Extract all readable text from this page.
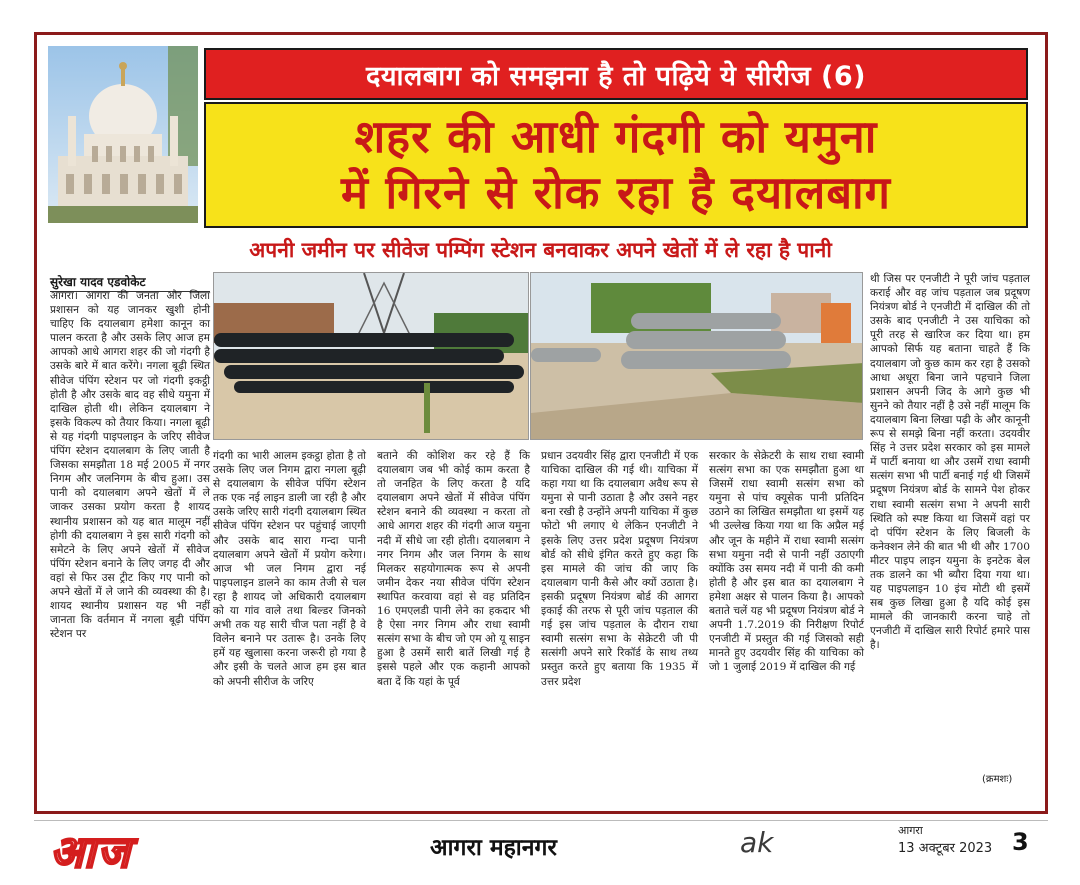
दयालबाग को समझना है तो पढ़िये ये सीरीज (6)
शहर की आधी गंदगी को यमुना
में गिरने से रोक रहा है दयालबाग
अपनी जमीन पर सीवेज पम्पिंग स्टेशन बनवाकर अपने खेतों में ले रहा है पानी
सुरेखा यादव एडवोकेट
आगरा। आगरा की जनता और जिला प्रशासन को यह जानकर खुशी होनी चाहिए कि दयालबाग हमेशा कानून का पालन करता है और उसके लिए आज हम आपको आधे आगरा शहर की जो गंदगी है उसके बारे में बात करेंगे। नगला बूढ़ी स्थित सीवेज पंपिंग स्टेशन पर जो गंदगी इकट्ठी होती है और उसके बाद वह सीधे यमुना में दाखिल होती थी। लेकिन दयालबाग ने इसके विकल्प को तैयार किया। नगला बूढ़ी से यह गंदगी पाइपलाइन के जरिए सीवेज पंपिंग स्टेशन दयालबाग के लिए जाती है जिसका समझौता 18 मई 2005 में नगर निगम और जलनिगम के बीच हुआ। उस पानी को दयालबाग अपने खेतों में ले जाकर उसका प्रयोग करता है शायद स्थानीय प्रशासन को यह बात मालूम नहीं होगी की दयालबाग ने इस सारी गंदगी को समेटने के लिए अपने खेतों में सीवेज पंपिंग स्टेशन बनाने के लिए जगह दी और वहां से फिर उस ट्रीट किए गए पानी को अपने खेतों में ले जाने की व्यवस्था की है। शायद स्थानीय प्रशासन यह भी नहीं जानता कि वर्तमान में नगला बूढ़ी पंपिंग स्टेशन पर
गंदगी का भारी आलम इकट्ठा होता है तो उसके लिए जल निगम द्वारा नगला बूढ़ी से दयालबाग के सीवेज पंपिंग स्टेशन तक एक नई लाइन डाली जा रही है और उसके जरिए सारी गंदगी दयालबाग स्थित सीवेज पंपिंग स्टेशन पर पहुंचाई जाएगी और उसके बाद सारा गन्दा पानी दयालबाग अपने खेतों में प्रयोग करेगा। आज भी जल निगम द्वारा नई पाइपलाइन डालने का काम तेजी से चल रहा है शायद जो अधिकारी दयालबाग को या गांव वाले तथा बिल्डर जिनको अभी तक यह सारी चीज पता नहीं है वे विलेन बनाने पर उतारू है। उनके लिए हमें यह खुलासा करना जरूरी हो गया है और इसी के चलते आज हम इस बात को अपनी सीरीज के जरिए
बताने की कोशिश कर रहे हैं कि दयालबाग जब भी कोई काम करता है तो जनहित के लिए करता है यदि दयालबाग अपने खेतों में सीवेज पंपिंग स्टेशन बनाने की व्यवस्था न करता तो आधे आगरा शहर की गंदगी आज यमुना नदी में सीधे जा रही होती। दयालबाग ने नगर निगम और जल निगम के साथ मिलकर सहयोगात्मक रूप से अपनी जमीन देकर नया सीवेज पंपिंग स्टेशन स्थापित करवाया वहां से वह प्रतिदिन 16 एमएलडी पानी लेने का हकदार भी है ऐसा नगर निगम और राधा स्वामी सत्संग सभा के बीच जो एम ओ यू साइन हुआ है उसमें सारी बातें लिखी गई है इससे पहले और एक कहानी आपको बता दें कि यहां के पूर्व
प्रधान उदयवीर सिंह द्वारा एनजीटी में एक याचिका दाखिल की गई थी। याचिका में कहा गया था कि दयालबाग अवैध रूप से यमुना से पानी उठाता है और उसने नहर बना रखी है उन्होंने अपनी याचिका में कुछ फोटो भी लगाए थे लेकिन एनजीटी ने इसके लिए उत्तर प्रदेश प्रदूषण नियंत्रण बोर्ड को सीधे इंगित करते हुए कहा कि इस मामले की जांच की जाए कि दयालबाग पानी कैसे और क्यों उठाता है। इसकी प्रदूषण नियंत्रण बोर्ड की आगरा इकाई की तरफ से पूरी जांच पड़ताल की गई इस जांच पड़ताल के दौरान राधा स्वामी सत्संग सभा के सेक्रेटरी जी पी सत्संगी अपने सारे रिकॉर्ड के साथ तथ्य प्रस्तुत करते हुए बताया कि 1935 में उत्तर प्रदेश
सरकार के सेक्रेटरी के साथ राधा स्वामी सत्संग सभा का एक समझौता हुआ था जिसमें राधा स्वामी सत्संग सभा को यमुना से पांच क्यूसेक पानी प्रतिदिन उठाने का लिखित समझौता था इसमें यह भी उल्लेख किया गया था कि अप्रैल मई और जून के महीने में राधा स्वामी सत्संग सभा यमुना नदी से पानी नहीं उठाएगी क्योंकि उस समय नदी में पानी की कमी होती है और इस बात का दयालबाग ने हमेशा अक्षर से पालन किया है। आपको बताते चलें यह भी प्रदूषण नियंत्रण बोर्ड ने अपनी 1.7.2019 की निरीक्षण रिपोर्ट एनजीटी में प्रस्तुत की गई जिसको सही मानते हुए उदयवीर सिंह की याचिका को जो 1 जुलाई 2019 में दाखिल की गई
थी जिस पर एनजीटी ने पूरी जांच पड़ताल कराई और वह जांच पड़ताल जब प्रदूषण नियंत्रण बोर्ड ने एनजीटी में दाखिल की तो उसके बाद एनजीटी ने उस याचिका को पूरी तरह से खारिज कर दिया था। हम आपको सिर्फ यह बताना चाहते हैं कि दयालबाग जो कुछ काम कर रहा है उसको आधा अधूरा बिना जाने पहचाने जिला प्रशासन अपनी जिद के आगे कुछ भी सुनने को तैयार नहीं है उसे नहीं मालूम कि दयालबाग बिना लिखा पढ़ी के और कानूनी रूप से समझे बिना नहीं करता। उदयवीर सिंह ने उत्तर प्रदेश सरकार को इस मामले में पार्टी बनाया था और उसमें राधा स्वामी सत्संग सभा भी पार्टी बनाई गई थी जिसमें प्रदूषण नियंत्रण बोर्ड के सामने पेश होकर राधा स्वामी सत्संग सभा ने अपनी सारी स्थिति को स्पष्ट किया था जिसमें वहां पर दो पंपिंग स्टेशन के लिए बिजली के कनेक्शन लेने की बात भी थी और 1700 मीटर पाइप लाइन यमुना के इनटेक बेल तक डालने का भी ब्यौरा दिया गया था। यह पाइपलाइन 10 इंच मोटी थी इसमें सब कुछ लिखा हुआ है यदि कोई इस मामले की जानकारी करना चाहे तो एनजीटी में दाखिल सारी रिपोर्ट हमारे पास है।
(क्रमशः)
आज	आगरा महानगर	ak	आगरा
13 अक्टूबर 2023 3
